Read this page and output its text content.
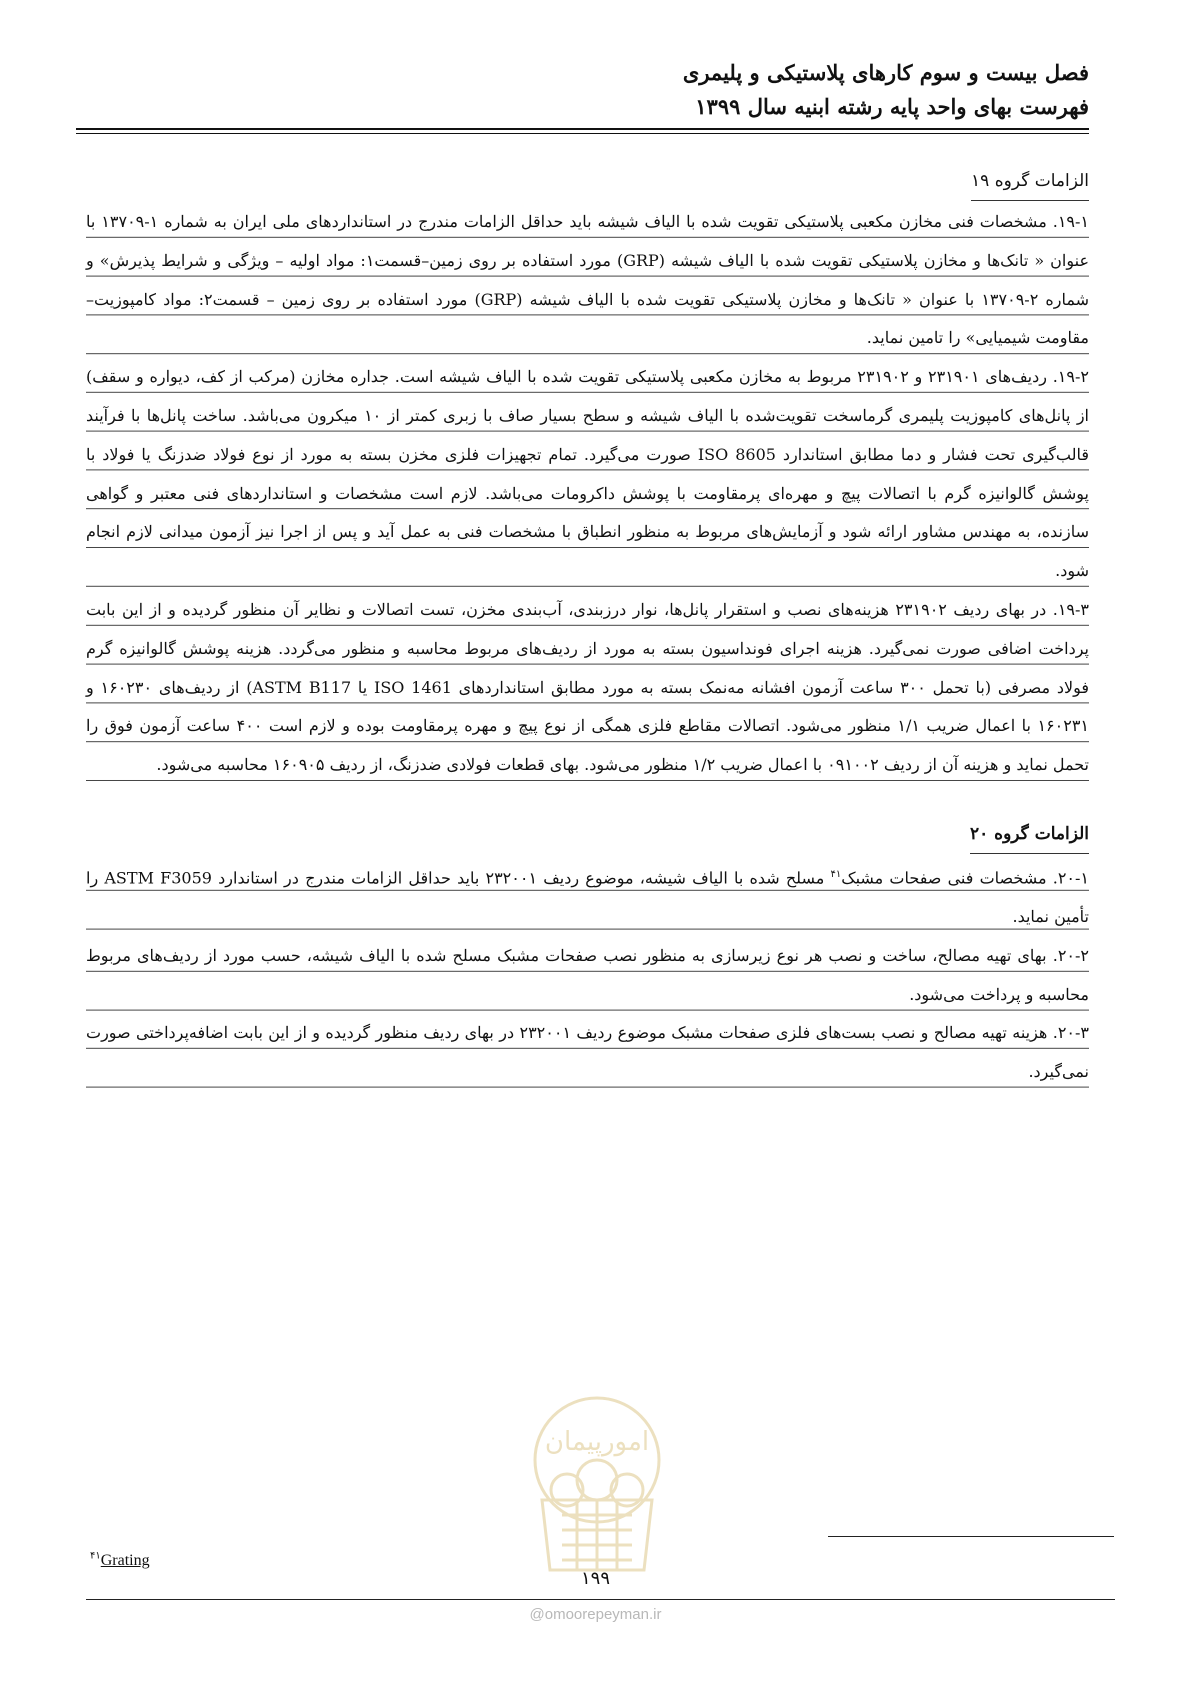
فصل بیست و سوم کارهای پلاستیکی و پلیمری
فهرست بهای واحد پایه رشته ابنیه سال ۱۳۹۹
الزامات گروه ۱۹

۱۹-۱. مشخصات فنی مخازن مکعبی پلاستیکی تقویت شده با الیاف شیشه باید حداقل الزامات مندرج در استانداردهای ملی ایران به شماره ۱-۱۳۷۰۹ با عنوان « تانک‌ها و مخازن پلاستیکی تقویت شده با الیاف شیشه (GRP) مورد استفاده بر روی زمین–قسمت۱: مواد اولیه – ویژگی و شرایط پذیرش» و شماره ۲-۱۳۷۰۹ با عنوان « تانک‌ها و مخازن پلاستیکی تقویت شده با الیاف شیشه (GRP) مورد استفاده بر روی زمین – قسمت۲: مواد کامپوزیت– مقاومت شیمیایی» را تامین نماید.

۱۹-۲. ردیف‌های ۲۳۱۹۰۱ و ۲۳۱۹۰۲ مربوط به مخازن مکعبی پلاستیکی تقویت شده با الیاف شیشه است. جداره مخازن (مرکب از کف، دیواره و سقف) از پانل‌های کامپوزیت پلیمری گرماسخت تقویت‌شده با الیاف شیشه و سطح بسیار صاف با زبری کمتر از ۱۰ میکرون می‌باشد. ساخت پانل‌ها با فرآیند قالب‌گیری تحت فشار و دما مطابق استاندارد ISO 8605 صورت می‌گیرد. تمام تجهیزات فلزی مخزن بسته به مورد از نوع فولاد ضدزنگ یا فولاد با پوشش گالوانیزه گرم با اتصالات پیچ و مهره‌ای پرمقاومت با پوشش داکرومات می‌باشد. لازم است مشخصات و استانداردهای فنی معتبر و گواهی سازنده، به مهندس مشاور ارائه شود و آزمایش‌های مربوط به منظور انطباق با مشخصات فنی به عمل آید و پس از اجرا نیز آزمون میدانی لازم انجام شود.

۱۹-۳. در بهای ردیف ۲۳۱۹۰۲ هزینه‌های نصب و استقرار پانل‌ها، نوار درزبندی، آب‌بندی مخزن، تست اتصالات و نظایر آن منظور گردیده و از این بابت پرداخت اضافی صورت نمی‌گیرد. هزینه اجرای فونداسیون بسته به مورد از ردیف‌های مربوط محاسبه و منظور می‌گردد. هزینه پوشش گالوانیزه گرم فولاد مصرفی (با تحمل ۳۰۰ ساعت آزمون افشانه مه‌نمک بسته به مورد مطابق استانداردهای ISO 1461 یا ASTM B117) از ردیف‌های ۱۶۰۲۳۰ و ۱۶۰۲۳۱ با اعمال ضریب ۱/۱ منظور می‌شود. اتصالات مقاطع فلزی همگی از نوع پیچ و مهره پرمقاومت بوده و لازم است ۴۰۰ ساعت آزمون فوق را تحمل نماید و هزینه آن از ردیف ۰۹۱۰۰۲ با اعمال ضریب ۱/۲ منظور می‌شود. بهای قطعات فولادی ضدزنگ، از ردیف ۱۶۰۹۰۵ محاسبه می‌شود.

الزامات گروه ۲۰

۲۰-۱. مشخصات فنی صفحات مشبک$^{۴۱}$ مسلح شده با الیاف شیشه، موضوع ردیف ۲۳۲۰۰۱ باید حداقل الزامات مندرج در استاندارد ASTM F3059 را تأمین نماید.

۲۰-۲. بهای تهیه مصالح، ساخت و نصب هر نوع زیرسازی به منظور نصب صفحات مشبک مسلح شده با الیاف شیشه، حسب مورد از ردیف‌های مربوط محاسبه و پرداخت می‌شود.

۲۰-۳. هزینه تهیه مصالح و نصب بست‌های فلزی صفحات مشبک موضوع ردیف ۲۳۲۰۰۱ در بهای ردیف منظور گردیده و از این بابت اضافه‌پرداختی صورت نمی‌گیرد.

امورپیمان
$^{۴۱}$Grating
۱۹۹
@omoorepeyman.ir
